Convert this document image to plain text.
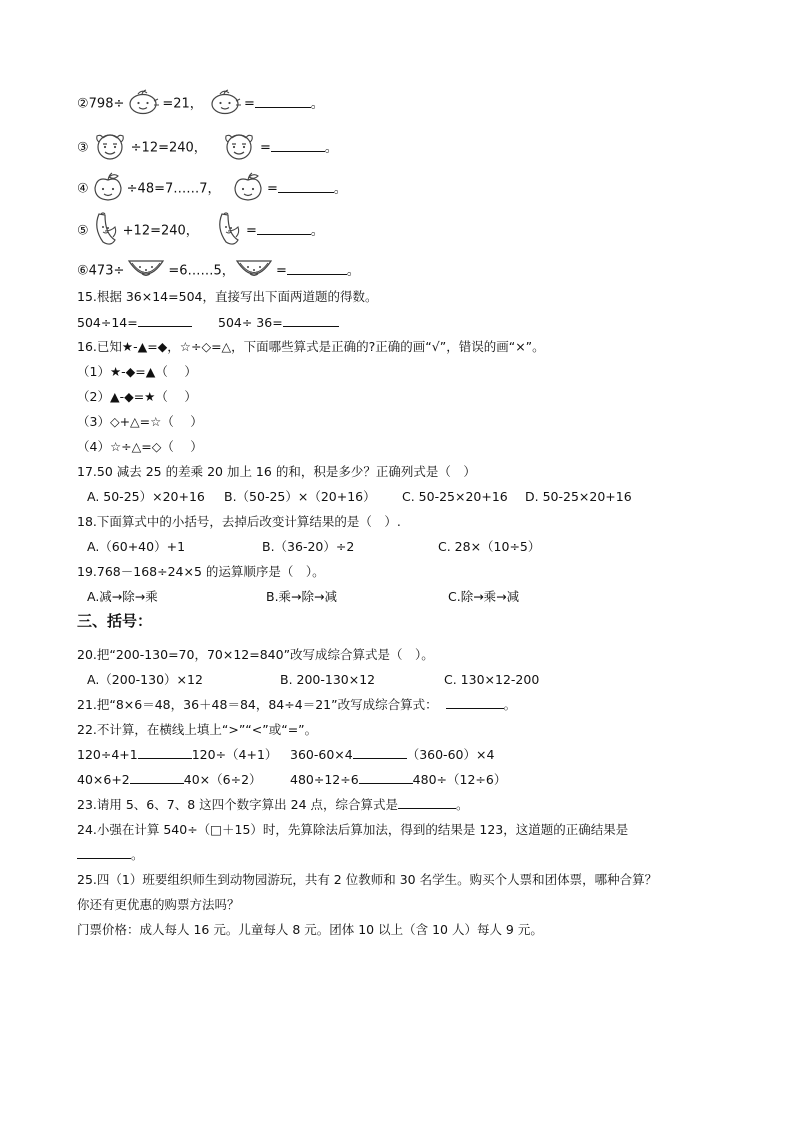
②798÷	=21，	=	。
③	÷12=240，	=	。
④	÷48=7……7，	=	。
⑤	+12=240，	=	。
⑥473÷	=6……5，	=	。
15.根据 36×14=504，直接写出下面两道题的得数。
504÷14=	504÷ 36=
16.已知★-▲=◆，☆÷◇=△，下面哪些算式是正确的?正确的画“√”，错误的画“×”。
（1）★-◆=▲（　 ）
（2）▲-◆=★（　 ）
（3）◇+△=☆（　 ）
（4）☆÷△=◇（　 ）
17.50 减去 25 的差乘 20 加上 16 的和，积是多少？正确列式是（　）
A. 50-25）×20+16 B.（50-25）×（20+16） C. 50-25×20+16 D. 50-25×20+16
18.下面算式中的小括号，去掉后改变计算结果的是（　）.
A.（60+40）+1	B.（36-20）÷2	C. 28×（10÷5）
19.768－168÷24×5 的运算顺序是（　）。
A.减→除→乘	B.乘→除→减	C.除→乘→减
三、括号：
20.把“200-130=70，70×12=840”改写成综合算式是（　）。
A.（200-130）×12	B. 200-130×12	C. 130×12-200
21.把“8×6＝48，36＋48＝84，84÷4＝21”改写成综合算式：	。
22.不计算，在横线上填上“>”“<”或“=”。
120÷4+1	120÷（4+1） 360-60×4	（360-60）×4
40×6+2	40×（6÷2） 480÷12÷6	480÷（12÷6）
23.请用 5、6、7、8 这四个数字算出 24 点，综合算式是	。
24.小强在计算 540÷（□＋15）时，先算除法后算加法，得到的结果是 123，这道题的正确结果是
。
25.四（1）班要组织师生到动物园游玩，共有 2 位教师和 30 名学生。购买个人票和团体票，哪种合算？
你还有更优惠的购票方法吗？
门票价格：成人每人 16 元。儿童每人 8 元。团体 10 以上（含 10 人）每人 9 元。
